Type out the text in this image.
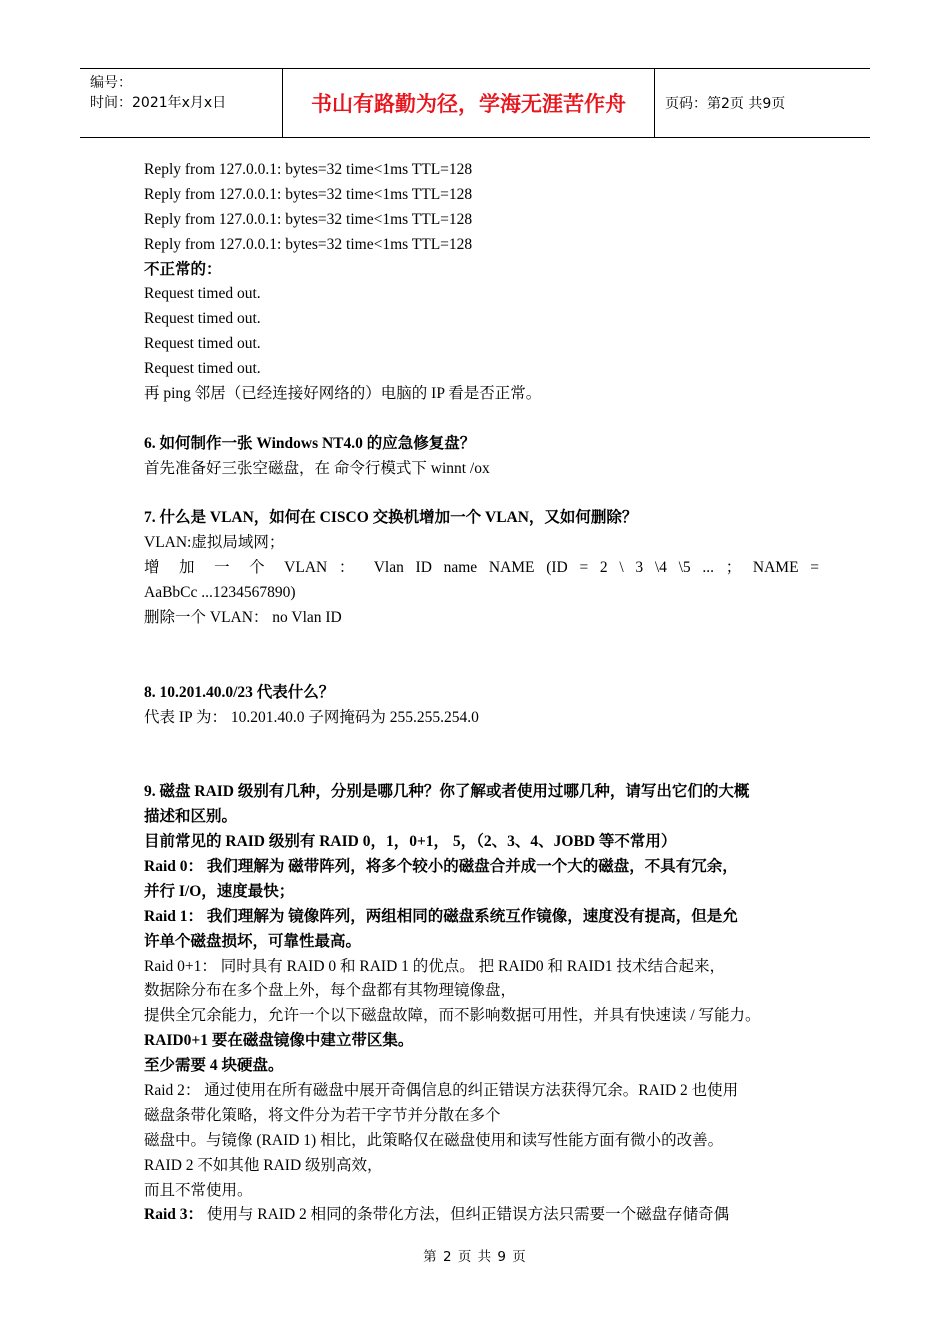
编号：
时间：2021年x月x日	书山有路勤为径，学海无涯苦作舟	页码：第2页 共9页
Reply from 127.0.0.1: bytes=32 time<1ms TTL=128
Reply from 127.0.0.1: bytes=32 time<1ms TTL=128
Reply from 127.0.0.1: bytes=32 time<1ms TTL=128
Reply from 127.0.0.1: bytes=32 time<1ms TTL=128
不正常的：
Request timed out.
Request timed out.
Request timed out.
Request timed out.
再 ping 邻居（已经连接好网络的）电脑的 IP 看是否正常。
6. 如何制作一张 Windows NT4.0 的应急修复盘？
首先准备好三张空磁盘，在 命令行模式下 winnt /ox
7. 什么是 VLAN，如何在 CISCO 交换机增加一个 VLAN，又如何删除？
VLAN:虚拟局域网；
增 加 一 个 VLAN ： Vlan ID name NAME (ID = 2 \ 3 \4 \5 ... ； NAME =
AaBbCc ...1234567890)
删除一个 VLAN： no Vlan ID
8. 10.201.40.0/23 代表什么？
代表 IP 为： 10.201.40.0 子网掩码为 255.255.254.0
9. 磁盘 RAID 级别有几种，分别是哪几种？你了解或者使用过哪几种，请写出它们的大概
描述和区别。
目前常见的 RAID 级别有 RAID 0，1，0+1， 5，（2、3、4、JOBD 等不常用）
Raid 0： 我们理解为 磁带阵列，将多个较小的磁盘合并成一个大的磁盘，不具有冗余，
并行 I/O，速度最快；
Raid 1： 我们理解为 镜像阵列，两组相同的磁盘系统互作镜像，速度没有提高，但是允
许单个磁盘损坏，可靠性最高。
Raid 0+1： 同时具有 RAID 0 和 RAID 1 的优点。 把 RAID0 和 RAID1 技术结合起来，
数据除分布在多个盘上外，每个盘都有其物理镜像盘，
提供全冗余能力，允许一个以下磁盘故障，而不影响数据可用性，并具有快速读 / 写能力。
RAID0+1 要在磁盘镜像中建立带区集。
至少需要 4 块硬盘。
Raid 2： 通过使用在所有磁盘中展开奇偶信息的纠正错误方法获得冗余。RAID 2 也使用
磁盘条带化策略，将文件分为若干字节并分散在多个
磁盘中。与镜像 (RAID 1) 相比，此策略仅在磁盘使用和读写性能方面有微小的改善。
RAID 2 不如其他 RAID 级别高效，
而且不常使用。
Raid 3： 使用与 RAID 2 相同的条带化方法，但纠正错误方法只需要一个磁盘存储奇偶
第 2 页 共 9 页
